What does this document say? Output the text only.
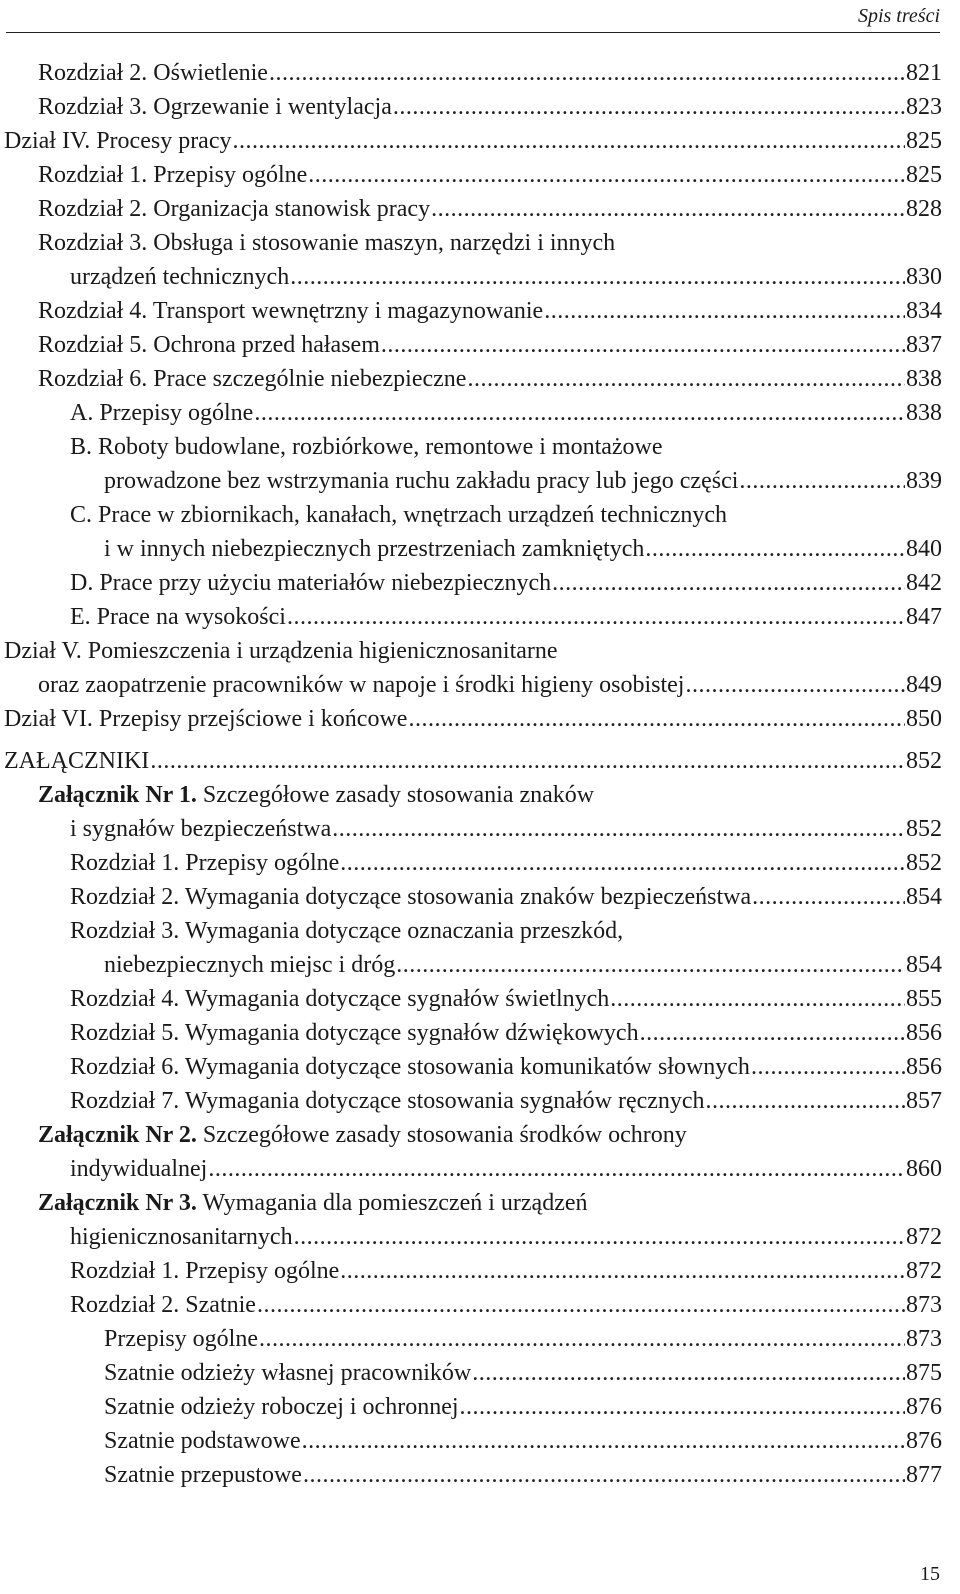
Spis treści
Rozdział 2. Oświetlenie .....	821
Rozdział 3. Ogrzewanie i wentylacja .....	823
Dział IV. Procesy pracy .....	825
Rozdział 1. Przepisy ogólne .....	825
Rozdział 2. Organizacja stanowisk pracy .....	828
Rozdział 3. Obsługa i stosowanie maszyn, narzędzi i innych
urządzeń technicznych .....	830
Rozdział 4. Transport wewnętrzny i magazynowanie .....	834
Rozdział 5. Ochrona przed hałasem .....	837
Rozdział 6. Prace szczególnie niebezpieczne .....	838
A. Przepisy ogólne .....	838
B. Roboty budowlane, rozbiórkowe, remontowe i montażowe
prowadzone bez wstrzymania ruchu zakładu pracy lub jego części .....	839
C. Prace w zbiornikach, kanałach, wnętrzach urządzeń technicznych
i w innych niebezpiecznych przestrzeniach zamkniętych .....	840
D. Prace przy użyciu materiałów niebezpiecznych .....	842
E. Prace na wysokości .....	847
Dział V. Pomieszczenia i urządzenia higienicznosanitarne
oraz zaopatrzenie pracowników w napoje i środki higieny osobistej .....	849
Dział VI. Przepisy przejściowe i końcowe .....	850
ZAŁĄCZNIKI .....	852
Załącznik Nr 1. Szczegółowe zasady stosowania znaków
i sygnałów bezpieczeństwa .....	852
Rozdział 1. Przepisy ogólne .....	852
Rozdział 2. Wymagania dotyczące stosowania znaków bezpieczeństwa .....	854
Rozdział 3. Wymagania dotyczące oznaczania przeszkód,
niebezpiecznych miejsc i dróg .....	854
Rozdział 4. Wymagania dotyczące sygnałów świetlnych .....	855
Rozdział 5. Wymagania dotyczące sygnałów dźwiękowych .....	856
Rozdział 6. Wymagania dotyczące stosowania komunikatów słownych .....	856
Rozdział 7. Wymagania dotyczące stosowania sygnałów ręcznych .....	857
Załącznik Nr 2. Szczegółowe zasady stosowania środków ochrony
indywidualnej .....	860
Załącznik Nr 3. Wymagania dla pomieszczeń i urządzeń
higienicznosanitarnych .....	872
Rozdział 1. Przepisy ogólne .....	872
Rozdział 2. Szatnie .....	873
Przepisy ogólne .....	873
Szatnie odzieży własnej pracowników .....	875
Szatnie odzieży roboczej i ochronnej .....	876
Szatnie podstawowe .....	876
Szatnie przepustowe .....	877
15
